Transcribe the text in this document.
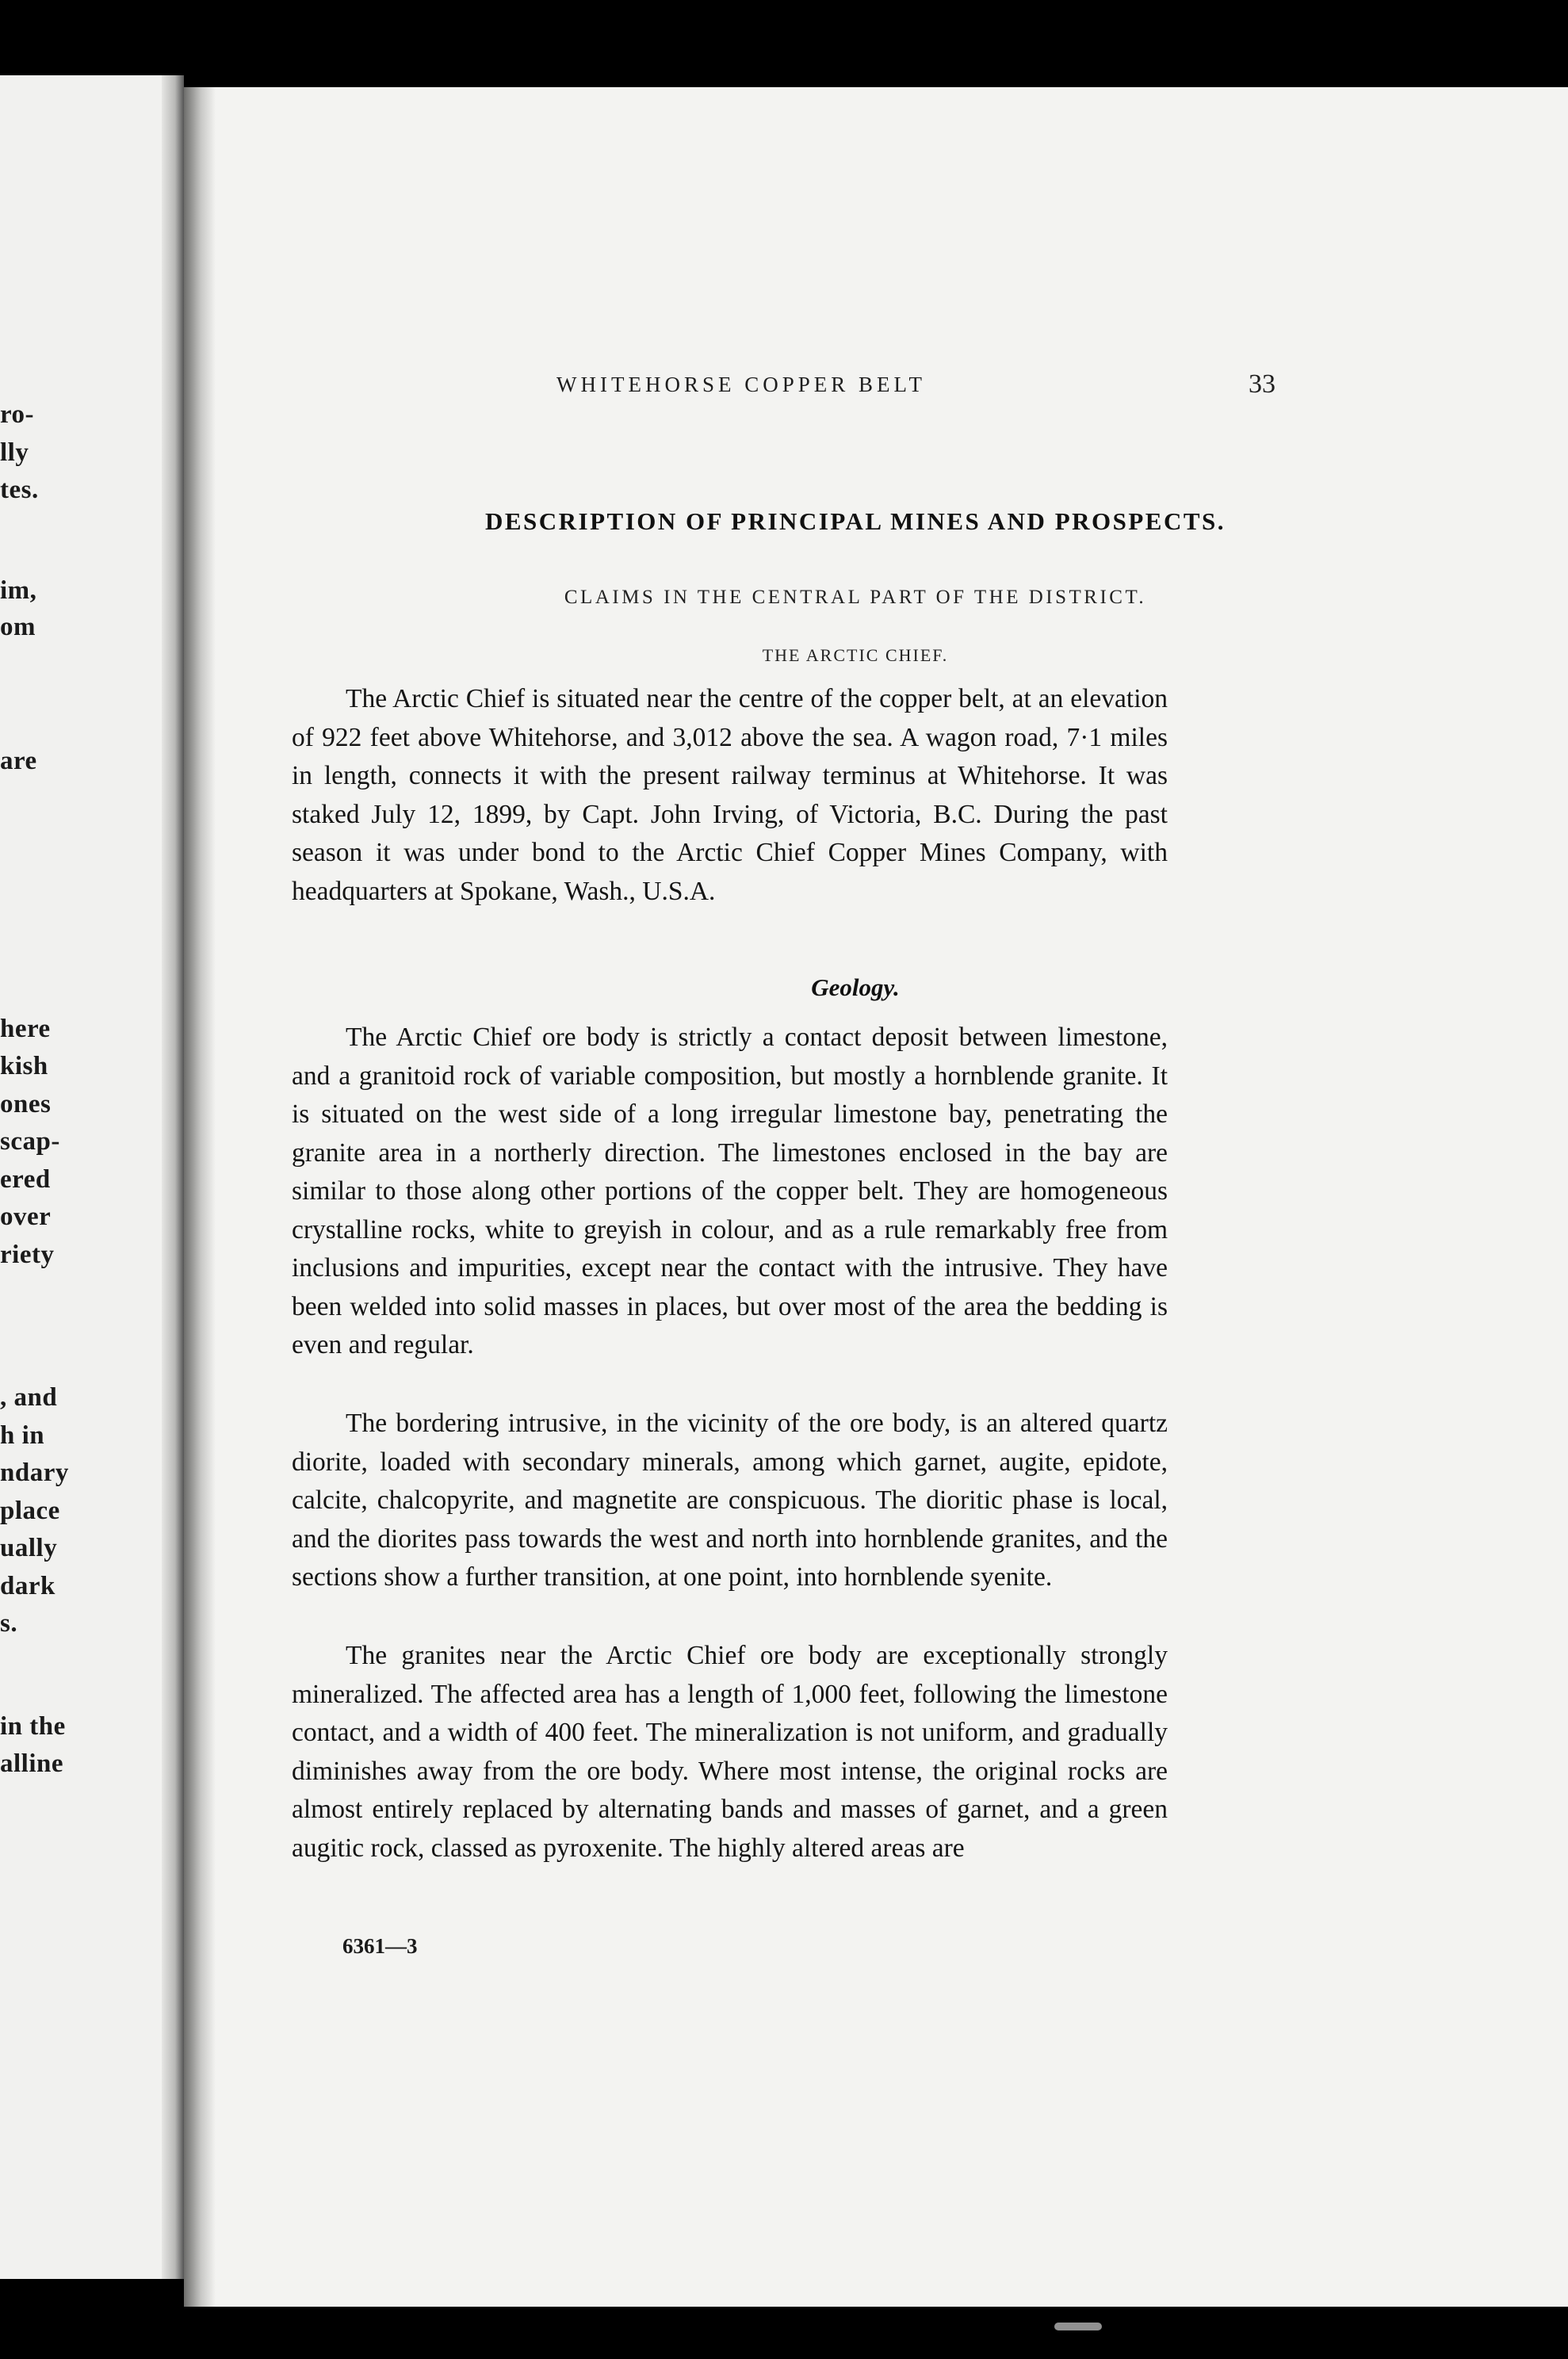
ro-
lly
tes.
im,
om
are
here
kish
ones
scap-
ered
over
riety
, and
h in
ndary
place
ually
dark
s.
in the
alline
WHITEHORSE COPPER BELT	33
DESCRIPTION OF PRINCIPAL MINES AND PROSPECTS.
CLAIMS IN THE CENTRAL PART OF THE DISTRICT.
THE ARCTIC CHIEF.
The Arctic Chief is situated near the centre of the copper belt, at an elevation of 922 feet above Whitehorse, and 3,012 above the sea. A wagon road, 7·1 miles in length, connects it with the present railway terminus at Whitehorse. It was staked July 12, 1899, by Capt. John Irving, of Victoria, B.C. During the past season it was under bond to the Arctic Chief Copper Mines Company, with headquarters at Spokane, Wash., U.S.A.
Geology.
The Arctic Chief ore body is strictly a contact deposit between limestone, and a granitoid rock of variable composition, but mostly a hornblende granite. It is situated on the west side of a long irregular limestone bay, penetrating the granite area in a northerly direction. The limestones enclosed in the bay are similar to those along other portions of the copper belt. They are homogeneous crystalline rocks, white to greyish in colour, and as a rule remarkably free from inclusions and impurities, except near the contact with the intrusive. They have been welded into solid masses in places, but over most of the area the bedding is even and regular.
The bordering intrusive, in the vicinity of the ore body, is an altered quartz diorite, loaded with secondary minerals, among which garnet, augite, epidote, calcite, chalcopyrite, and magnetite are conspicuous. The dioritic phase is local, and the diorites pass towards the west and north into hornblende granites, and the sections show a further transition, at one point, into hornblende syenite.
The granites near the Arctic Chief ore body are exceptionally strongly mineralized. The affected area has a length of 1,000 feet, following the limestone contact, and a width of 400 feet. The mineralization is not uniform, and gradually diminishes away from the ore body. Where most intense, the original rocks are almost entirely replaced by alternating bands and masses of garnet, and a green augitic rock, classed as pyroxenite. The highly altered areas are
6361—3
